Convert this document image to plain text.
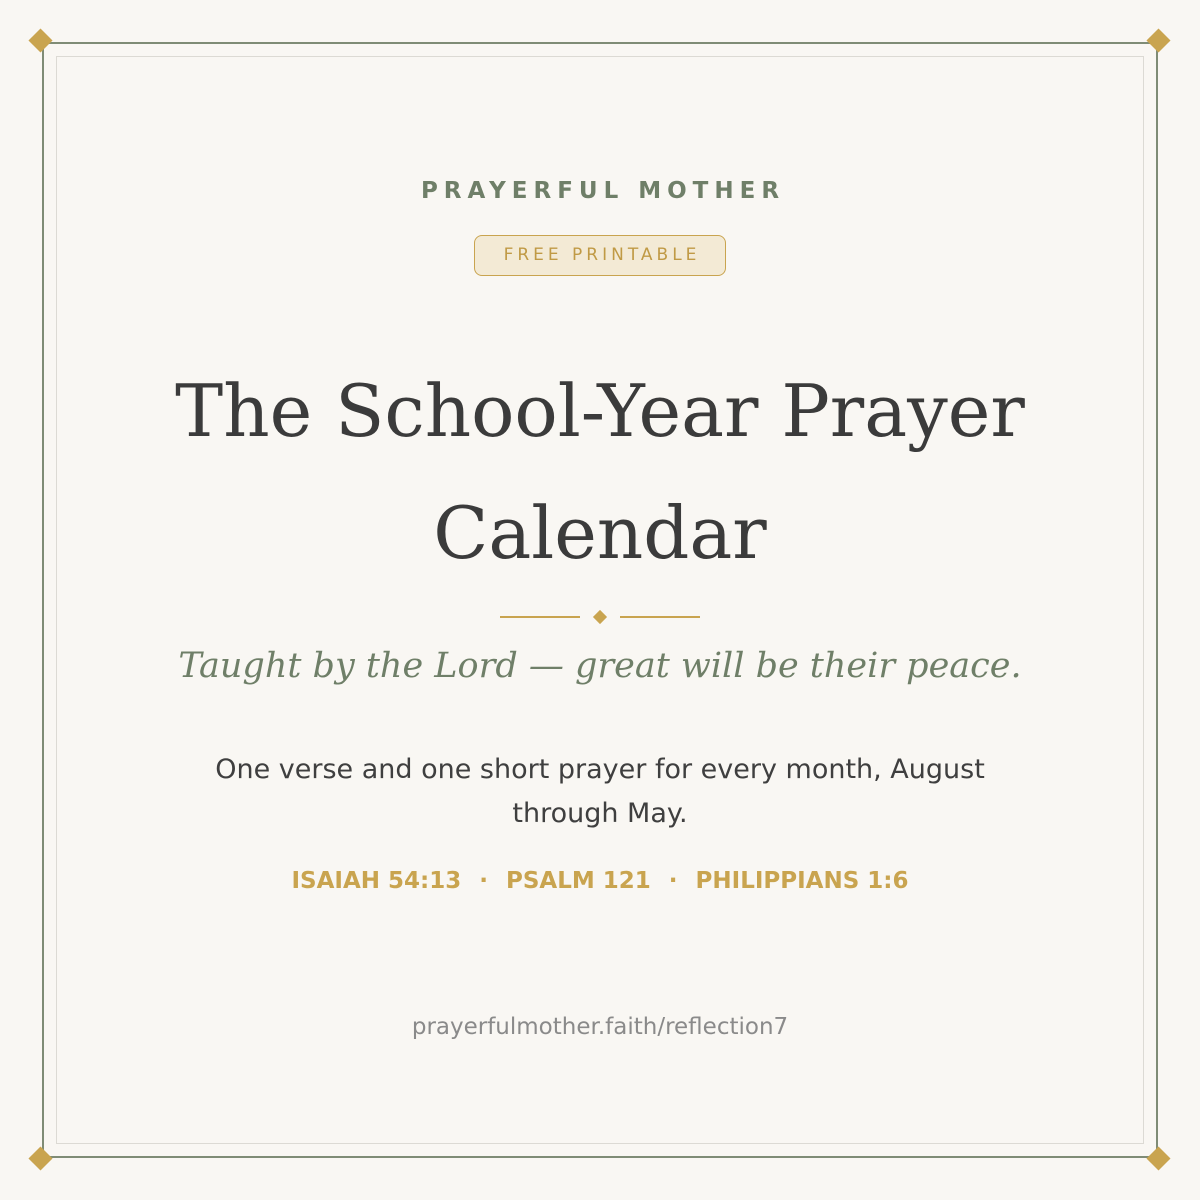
PRAYERFUL MOTHER
FREE PRINTABLE
The School-Year Prayer
Calendar
Taught by the Lord — great will be their peace.
One verse and one short prayer for every month, August through May.
ISAIAH 54:13 · PSALM 121 · PHILIPPIANS 1:6
prayerfulmother.faith/reflection7
